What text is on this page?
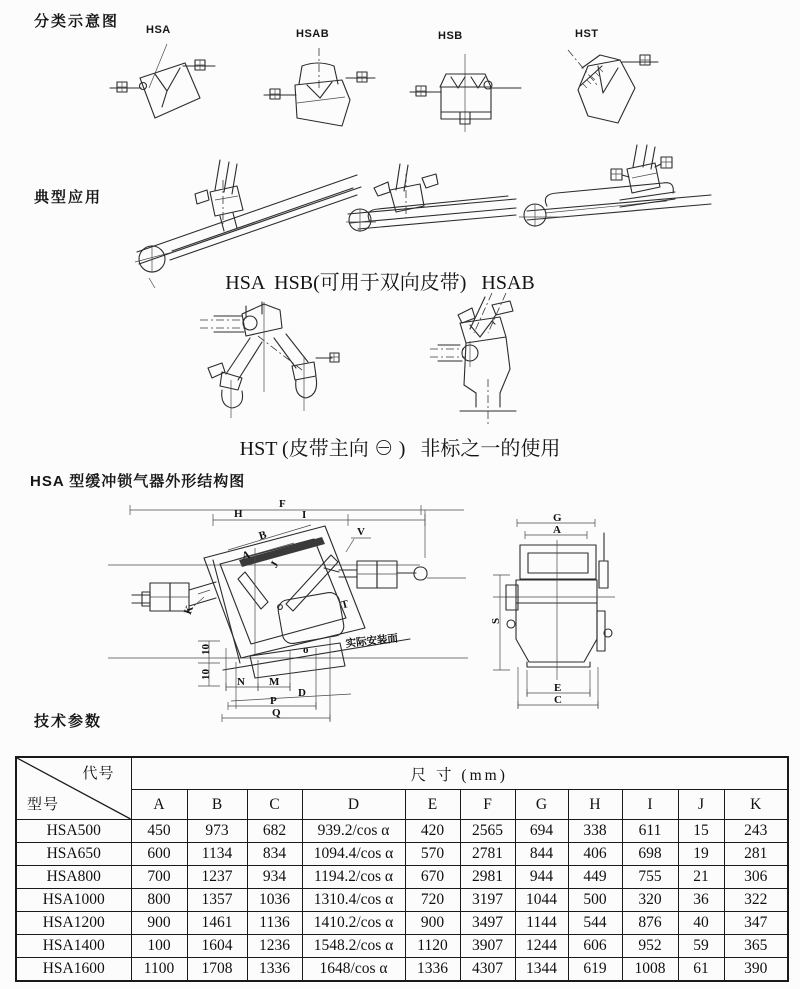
分类示意图
典型应用
HSA 型缓冲锁气器外形结构图
技术参数
HSA	HSAB	HSB	HST
HSA  HSB(可用于双向皮带)   HSAB
HST (皮带主向 ⊖ )   非标之一的使用
F
H	I
V
T
K
J
B
A
10
10
实际安装面
o
N M
D
P
Q
G
A
S
E
C
代号
型号	尺 寸 (mm)										
	A	B	C	D	E	F	G	H	I	J	K
HSA500	450	973	682	939.2/cos α	420	2565	694	338	611	15	243
HSA650	600	1134	834	1094.4/cos α	570	2781	844	406	698	19	281
HSA800	700	1237	934	1194.2/cos α	670	2981	944	449	755	21	306
HSA1000	800	1357	1036	1310.4/cos α	720	3197	1044	500	320	36	322
HSA1200	900	1461	1136	1410.2/cos α	900	3497	1144	544	876	40	347
HSA1400	100	1604	1236	1548.2/cos α	1120	3907	1244	606	952	59	365
HSA1600	1100	1708	1336	1648/cos α	1336	4307	1344	619	1008	61	390
